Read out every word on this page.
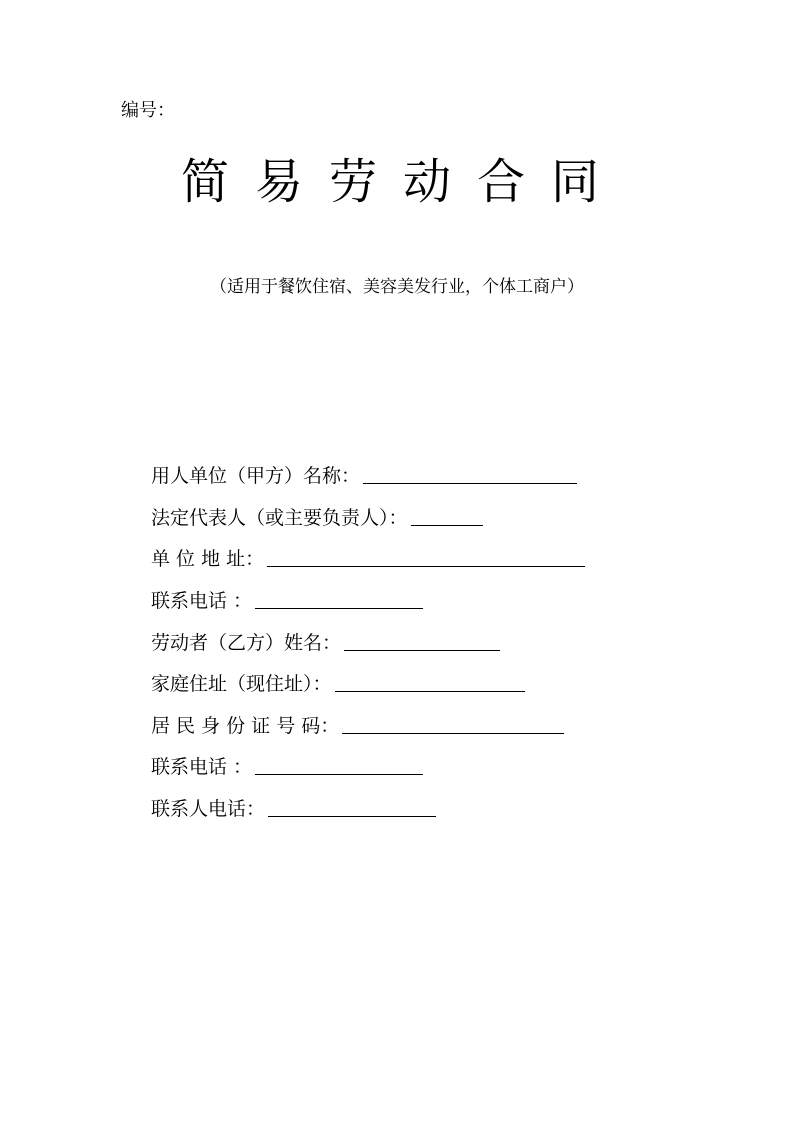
编号：
简易劳动合同
（适用于餐饮住宿、美容美发行业，个体工商户）
用人单位（甲方）名称：
法定代表人（或主要负责人）：
单 位 地 址：
联系电话 ：
劳动者（乙方）姓名：
家庭住址（现住址）：
居 民 身 份 证 号 码：
联系电话 ：
联系人电话：
